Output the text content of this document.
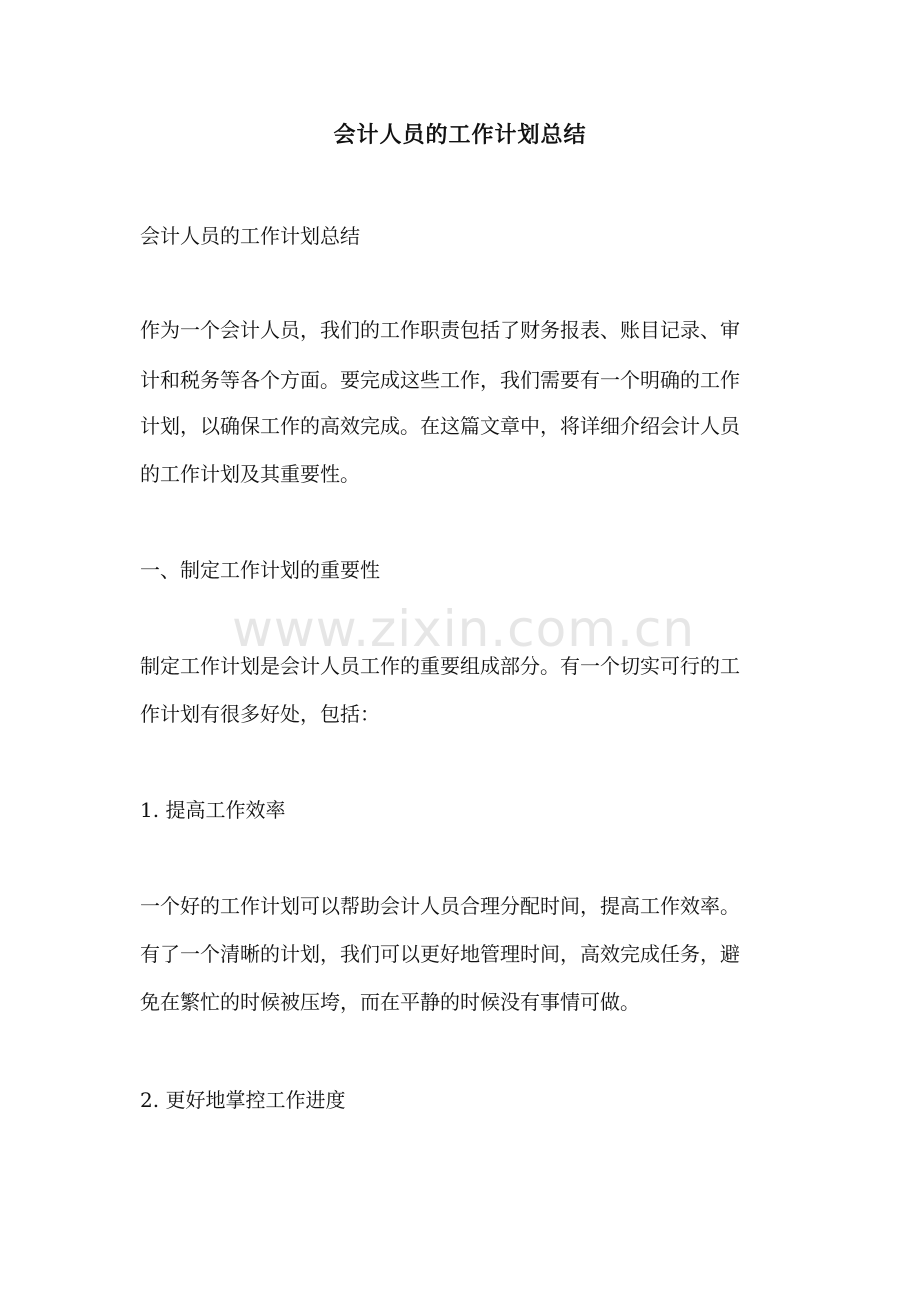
www.zixin.com.cn
会计人员的工作计划总结
会计人员的工作计划总结
作为一个会计人员，我们的工作职责包括了财务报表、账目记录、审
计和税务等各个方面。要完成这些工作，我们需要有一个明确的工作
计划，以确保工作的高效完成。在这篇文章中，将详细介绍会计人员
的工作计划及其重要性。
一、制定工作计划的重要性
制定工作计划是会计人员工作的重要组成部分。有一个切实可行的工
作计划有很多好处，包括：
1. 提高工作效率
一个好的工作计划可以帮助会计人员合理分配时间，提高工作效率。
有了一个清晰的计划，我们可以更好地管理时间，高效完成任务，避
免在繁忙的时候被压垮，而在平静的时候没有事情可做。
2. 更好地掌控工作进度
